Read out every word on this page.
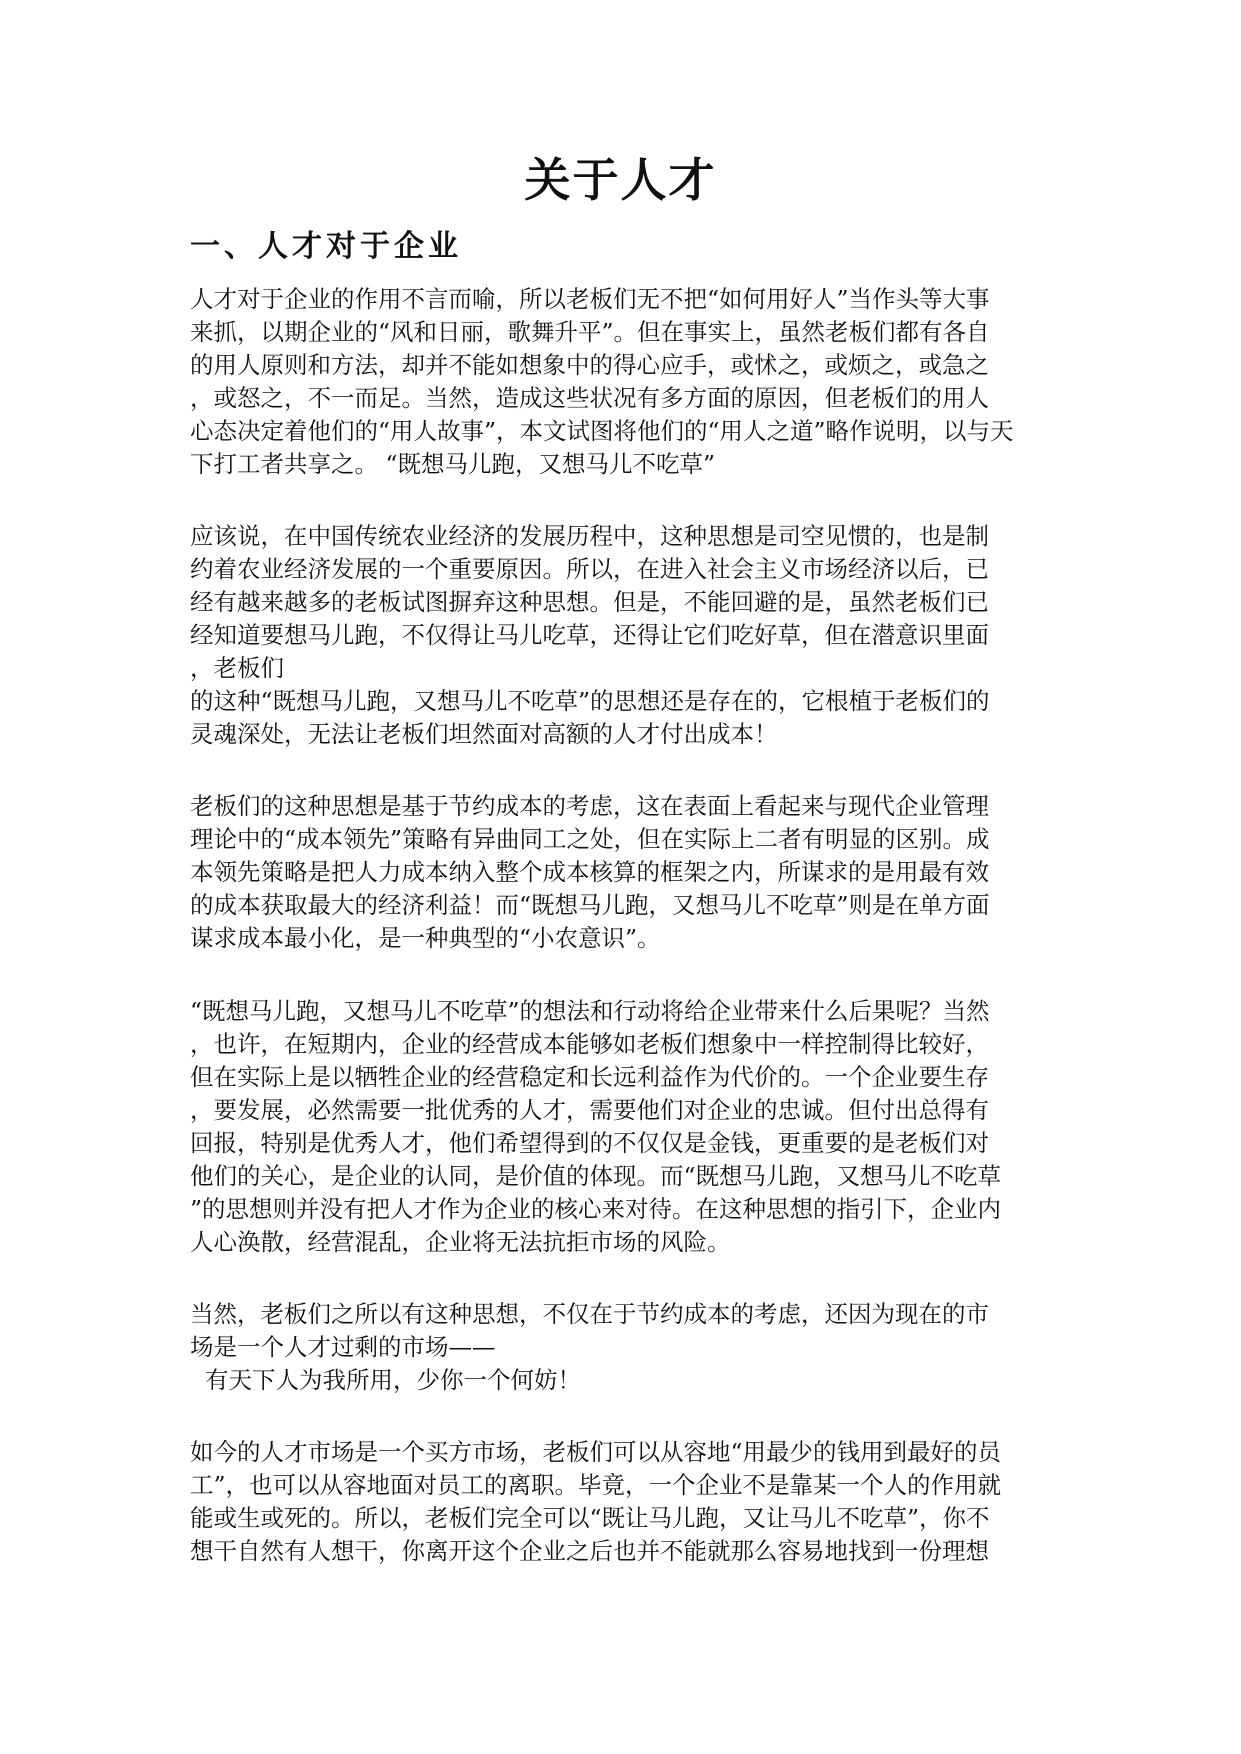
关于人才
一、人才对于企业
人才对于企业的作用不言而喻，所以老板们无不把“如何用好人”当作头等大事
来抓，以期企业的“风和日丽，歌舞升平”。但在事实上，虽然老板们都有各自
的用人原则和方法，却并不能如想象中的得心应手，或怵之，或烦之，或急之
，或怒之，不一而足。当然，造成这些状况有多方面的原因，但老板们的用人
心态决定着他们的“用人故事”，本文试图将他们的“用人之道”略作说明，以与天
下打工者共享之。 “既想马儿跑，又想马儿不吃草”
应该说，在中国传统农业经济的发展历程中，这种思想是司空见惯的，也是制
约着农业经济发展的一个重要原因。所以，在进入社会主义市场经济以后，已
经有越来越多的老板试图摒弃这种思想。但是，不能回避的是，虽然老板们已
经知道要想马儿跑，不仅得让马儿吃草，还得让它们吃好草，但在潜意识里面
，老板们
的这种“既想马儿跑，又想马儿不吃草”的思想还是存在的，它根植于老板们的
灵魂深处，无法让老板们坦然面对高额的人才付出成本！
老板们的这种思想是基于节约成本的考虑，这在表面上看起来与现代企业管理
理论中的“成本领先”策略有异曲同工之处，但在实际上二者有明显的区别。成
本领先策略是把人力成本纳入整个成本核算的框架之内，所谋求的是用最有效
的成本获取最大的经济利益！而“既想马儿跑，又想马儿不吃草”则是在单方面
谋求成本最小化，是一种典型的“小农意识”。
“既想马儿跑，又想马儿不吃草”的想法和行动将给企业带来什么后果呢？当然
，也许，在短期内，企业的经营成本能够如老板们想象中一样控制得比较好，
但在实际上是以牺牲企业的经营稳定和长远利益作为代价的。一个企业要生存
，要发展，必然需要一批优秀的人才，需要他们对企业的忠诚。但付出总得有
回报，特别是优秀人才，他们希望得到的不仅仅是金钱，更重要的是老板们对
他们的关心，是企业的认同，是价值的体现。而“既想马儿跑，又想马儿不吃草
”的思想则并没有把人才作为企业的核心来对待。在这种思想的指引下，企业内
人心涣散，经营混乱，企业将无法抗拒市场的风险。
当然，老板们之所以有这种思想，不仅在于节约成本的考虑，还因为现在的市
场是一个人才过剩的市场——
有天下人为我所用，少你一个何妨！
如今的人才市场是一个买方市场，老板们可以从容地“用最少的钱用到最好的员
工”，也可以从容地面对员工的离职。毕竟，一个企业不是靠某一个人的作用就
能或生或死的。所以，老板们完全可以“既让马儿跑，又让马儿不吃草”，你不
想干自然有人想干，你离开这个企业之后也并不能就那么容易地找到一份理想
